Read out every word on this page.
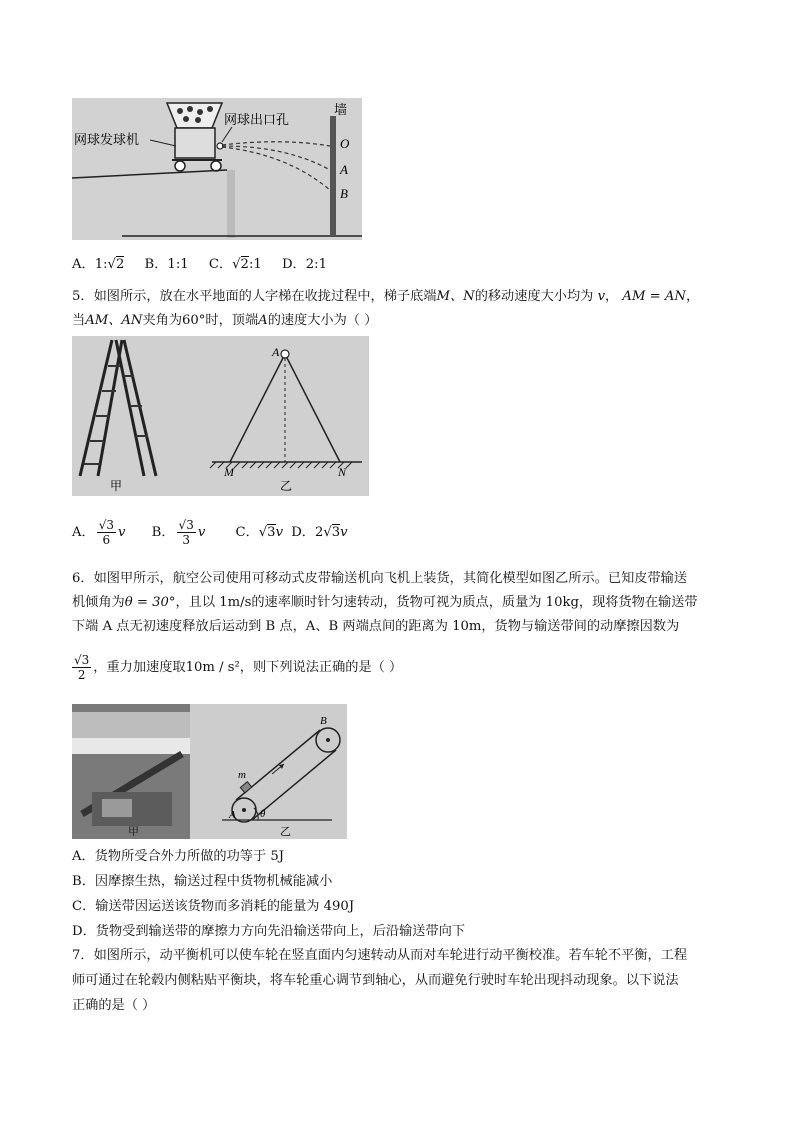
墙
O
A
B
网球发球机
网球出口孔
A．1:√2 B．1:1 C．√2:1 D．2:1
5．如图所示，放在水平地面的人字梯在收拢过程中，梯子底端M、N的移动速度大小均为 v， AM = AN，
当AM、AN夹角为60°时，顶端A的速度大小为（ ）
甲
A
M	N
乙
A． $\frac{√3}{6}$ v B． $\frac{√3}{3}$ v C．√3v D．2√3v
6．如图甲所示，航空公司使用可移动式皮带输送机向飞机上装货，其简化模型如图乙所示。已知皮带输送
机倾角为θ = 30°，且以 1m/s的速率顺时针匀速转动，货物可视为质点，质量为 10kg，现将货物在输送带
下端 A 点无初速度释放后运动到 B 点，A、B 两端点间的距离为 10m，货物与输送带间的动摩擦因数为
$\frac{√3}{2}$ ，重力加速度取10m / s²，则下列说法正确的是（ ）
甲
θ
A
B
m
乙
A．货物所受合外力所做的功等于 5J
B．因摩擦生热，输送过程中货物机械能减小
C．输送带因运送该货物而多消耗的能量为 490J
D．货物受到输送带的摩擦力方向先沿输送带向上，后沿输送带向下
7．如图所示，动平衡机可以使车轮在竖直面内匀速转动从而对车轮进行动平衡校准。若车轮不平衡，工程
师可通过在轮毂内侧粘贴平衡块，将车轮重心调节到轴心，从而避免行驶时车轮出现抖动现象。以下说法
正确的是（ ）
